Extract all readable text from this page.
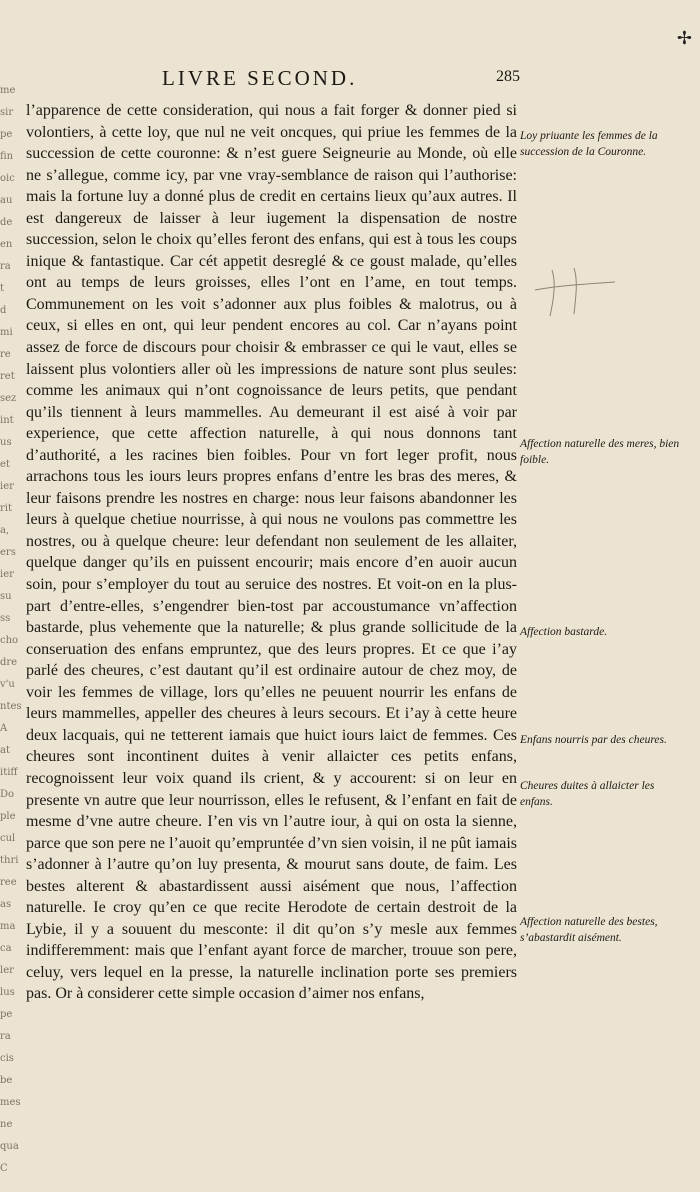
me
sir
pe
fin
oic
au
de
en
ra
t d
mi
re
ret
sez
int
us
et
ier
rit
a,
ers
ier
su
ss
cho
dre
v'u
ntes
A
at
itiff
Do
ple
cul
thri
ree
as
ma
ca
ler
lus
pe
ra
cis
be
mes
ne
qua
C
LIVRE SECOND.	285
✢

l’apparence de cette consideration, qui nous a fait forger & donner pied si volontiers, à cette loy, que nul ne veit oncques, qui priue les femmes de la succession de cette couronne: & n’est guere Seigneurie au Monde, où elle ne s’allegue, comme icy, par vne vray-semblance de raison qui l’authorise: mais la fortune luy a donné plus de credit en certains lieux qu’aux autres. Il est dangereux de laisser à leur iugement la dispensation de nostre succession, selon le choix qu’elles feront des enfans, qui est à tous les coups inique & fantastique. Car cét appetit desreglé & ce goust malade, qu’elles ont au temps de leurs groisses, elles l’ont en l’ame, en tout temps. Communement on les voit s’adonner aux plus foibles & malotrus, ou à ceux, si elles en ont, qui leur pendent encores au col. Car n’ayans point assez de force de discours pour choisir & embrasser ce qui le vaut, elles se laissent plus volontiers aller où les impressions de nature sont plus seules: comme les animaux qui n’ont cognoissance de leurs petits, que pendant qu’ils tiennent à leurs mammelles. Au demeurant il est aisé à voir par experience, que cette affection naturelle, à qui nous donnons tant d’authorité, a les racines bien foibles. Pour vn fort leger profit, nous arrachons tous les iours leurs propres enfans d’entre les bras des meres, & leur faisons prendre les nostres en charge: nous leur faisons abandonner les leurs à quelque chetiue nourrisse, à qui nous ne voulons pas commettre les nostres, ou à quelque cheure: leur defendant non seulement de les allaiter, quelque danger qu’ils en puissent encourir; mais encore d’en auoir aucun soin, pour s’employer du tout au seruice des nostres. Et voit-on en la plus-part d’entre-elles, s’engendrer bien-tost par accoustumance vn’affection bastarde, plus vehemente que la naturelle; & plus grande sollicitude de la conseruation des enfans empruntez, que des leurs propres. Et ce que i’ay parlé des cheures, c’est dautant qu’il est ordinaire autour de chez moy, de voir les femmes de village, lors qu’elles ne peuuent nourrir les enfans de leurs mammelles, appeller des cheures à leurs secours. Et i’ay à cette heure deux lacquais, qui ne tetterent iamais que huict iours laict de femmes. Ces cheures sont incontinent duites à venir allaicter ces petits enfans, recognoissent leur voix quand ils crient, & y accourent: si on leur en presente vn autre que leur nourrisson, elles le refusent, & l’enfant en fait de mesme d’vne autre cheure. I’en vis vn l’autre iour, à qui on osta la sienne, parce que son pere ne l’auoit qu’empruntée d’vn sien voisin, il ne pût iamais s’adonner à l’autre qu’on luy presenta, & mourut sans doute, de faim. Les bestes alterent & abastardissent aussi aisément que nous, l’affection naturelle. Ie croy qu’en ce que recite Herodote de certain destroit de la Lybie, il y a souuent du mesconte: il dit qu’on s’y mesle aux femmes indifferemment: mais que l’enfant ayant force de marcher, trouue son pere, celuy, vers lequel en la presse, la naturelle inclination porte ses premiers pas. Or à considerer cette simple occasion d’aimer nos enfans,

Loy priuante les femmes de la succession de la Couronne.
Affection naturelle des meres, bien foible.
Affection bastarde.
Enfans nourris par des cheures.
Cheures duites à allaicter les enfans.
Affection naturelle des bestes, s’abastardit aisément.
